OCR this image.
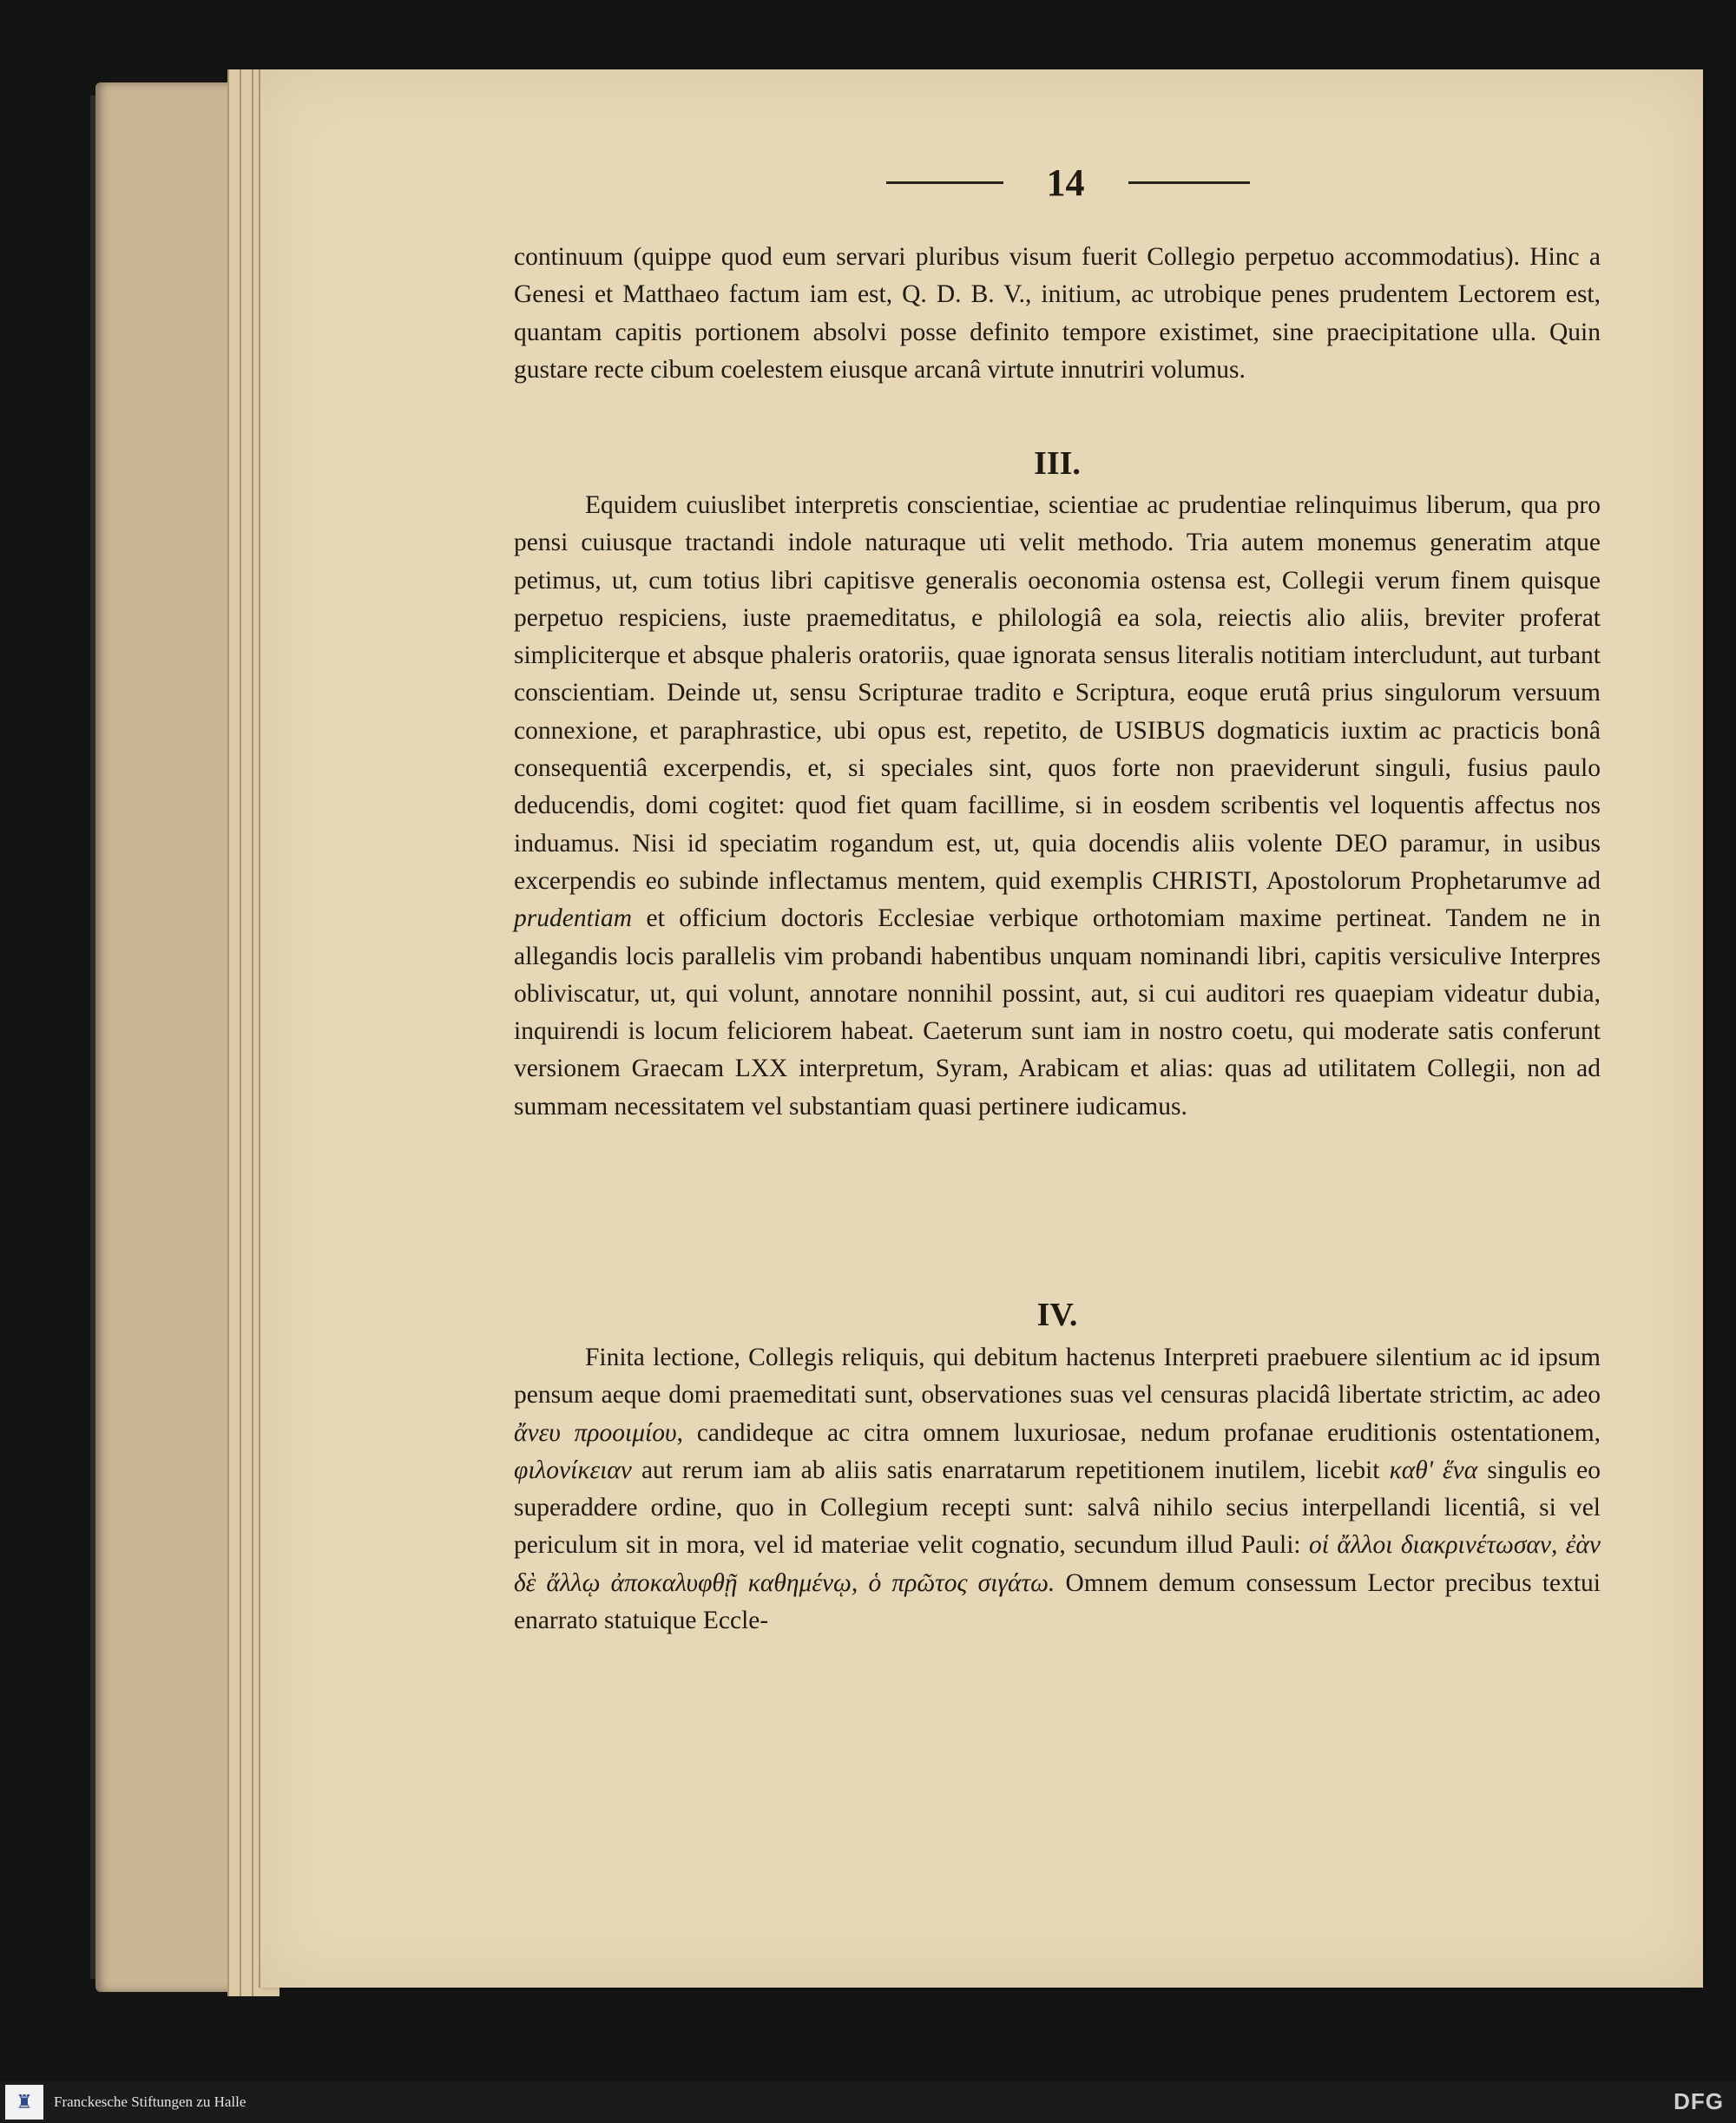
14
continuum (quippe quod eum servari pluribus visum fuerit Collegio perpetuo accommodatius). Hinc a Genesi et Matthaeo factum iam est, Q. D. B. V., initium, ac utrobique penes prudentem Lectorem est, quantam capitis portionem absolvi posse definito tempore existimet, sine praecipitatione ulla. Quin gustare recte cibum coelestem eiusque arcanâ virtute innutriri volumus.
III.
Equidem cuiuslibet interpretis conscientiae, scientiae ac prudentiae relinquimus liberum, qua pro pensi cuiusque tractandi indole naturaque uti velit methodo. Tria autem monemus generatim atque petimus, ut, cum totius libri capitisve generalis oeconomia ostensa est, Collegii verum finem quisque perpetuo respiciens, iuste praemeditatus, e philologiâ ea sola, reiectis alio aliis, breviter proferat simpliciterque et absque phaleris oratoriis, quae ignorata sensus literalis notitiam intercludunt, aut turbant conscientiam. Deinde ut, sensu Scripturae tradito e Scriptura, eoque erutâ prius singulorum versuum connexione, et paraphrastice, ubi opus est, repetito, de USIBUS dogmaticis iuxtim ac practicis bonâ consequentiâ excerpendis, et, si speciales sint, quos forte non praeviderunt singuli, fusius paulo deducendis, domi cogitet: quod fiet quam facillime, si in eosdem scribentis vel loquentis affectus nos induamus. Nisi id speciatim rogandum est, ut, quia docendis aliis volente DEO paramur, in usibus excerpendis eo subinde inflectamus mentem, quid exemplis CHRISTI, Apostolorum Prophetarumve ad prudentiam et officium doctoris Ecclesiae verbique orthotomiam maxime pertineat. Tandem ne in allegandis locis parallelis vim probandi habentibus unquam nominandi libri, capitis versiculive Interpres obliviscatur, ut, qui volunt, annotare nonnihil possint, aut, si cui auditori res quaepiam videatur dubia, inquirendi is locum feliciorem habeat. Caeterum sunt iam in nostro coetu, qui moderate satis conferunt versionem Graecam LXX interpretum, Syram, Arabicam et alias: quas ad utilitatem Collegii, non ad summam necessitatem vel substantiam quasi pertinere iudicamus.
IV.
Finita lectione, Collegis reliquis, qui debitum hactenus Interpreti praebuere silentium ac id ipsum pensum aeque domi praemeditati sunt, observationes suas vel censuras placidâ libertate strictim, ac adeo ἄνευ προοιμίου, candideque ac citra omnem luxuriosae, nedum profanae eruditionis ostentationem, φιλονίκειαν aut rerum iam ab aliis satis enarratarum repetitionem inutilem, licebit καθ' ἕνα singulis eo superaddere ordine, quo in Collegium recepti sunt: salvâ nihilo secius interpellandi licentiâ, si vel periculum sit in mora, vel id materiae velit cognatio, secundum illud Pauli: οἱ ἄλλοι διακρινέτωσαν, ἐὰν δὲ ἄλλῳ ἀποκαλυφθῇ καθημένῳ, ὁ πρῶτος σιγάτω. Omnem demum consessum Lector precibus textui enarrato statuique Eccle-
♜	Franckesche Stiftungen zu Halle	DFG
